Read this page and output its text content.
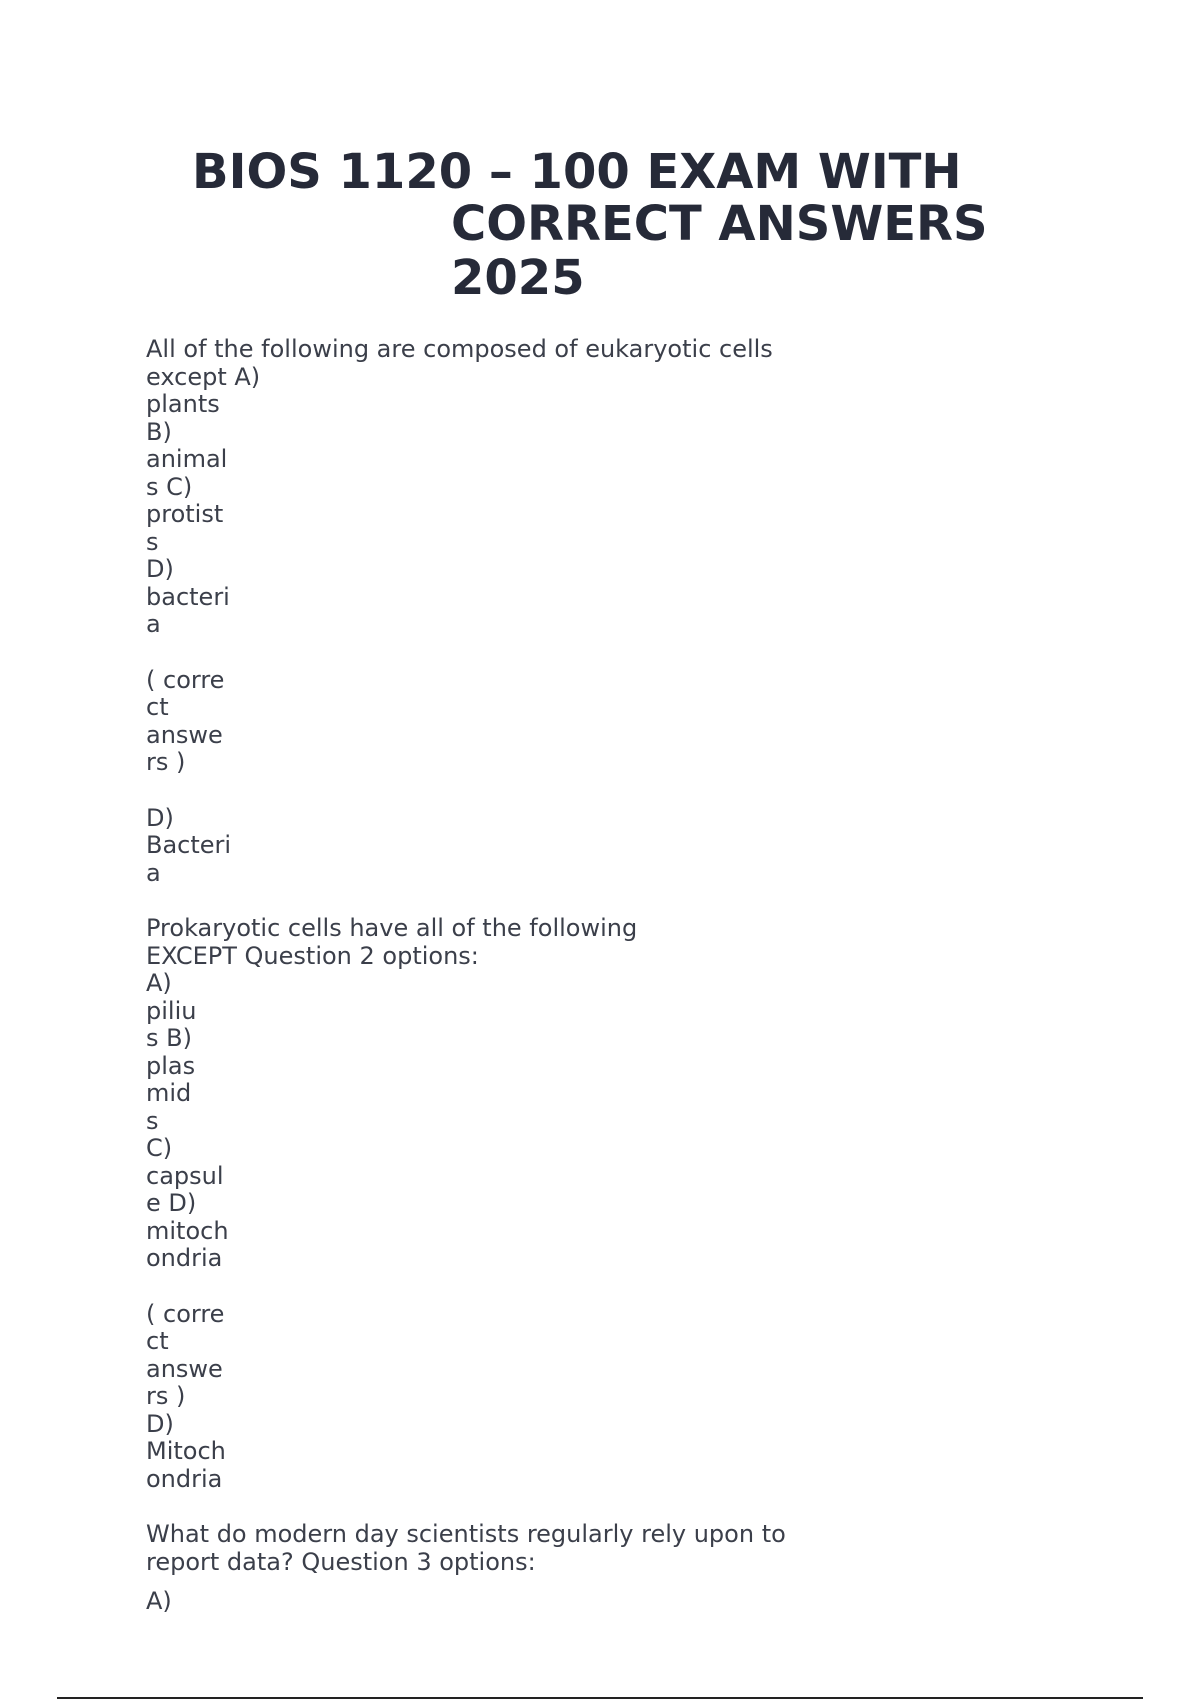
BIOS 1120 – 100 EXAM WITH
CORRECT ANSWERS
2025
All of the following are composed of eukaryotic cells
except A)
plants
B)
animal
s C)
protist
s
D)
bacteri
a
( corre
ct
answe
rs )
D)
Bacteri
a
Prokaryotic cells have all of the following
EXCEPT Question 2 options:
A)
piliu
s B)
plas
mid
s
C)
capsul
e D)
mitoch
ondria
( corre
ct
answe
rs )
D)
Mitoch
ondria
What do modern day scientists regularly rely upon to
report data? Question 3 options:
A)
